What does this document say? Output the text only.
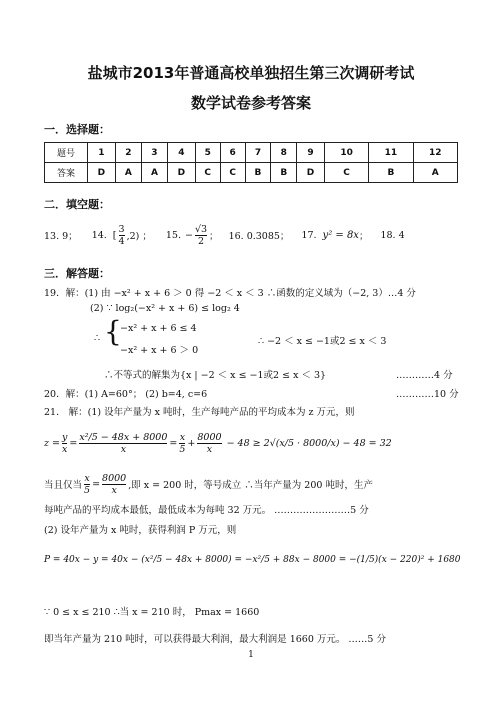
盐城市2013年普通高校单独招生第三次调研考试
数学试卷参考答案
一．选择题：
题号	1	2	3	4	5	6	7	8	9	10	11	12
答案	D	A	A	D	C	C	B	B	D	C	B	A
二．填空题：
13. 9； 14. [ $\frac{3}{4} ,2$) ； 15. − $\frac{√3}{2}$ ； 16. 0.3085； 17. y² = 8x ； 18. 4
三．解答题：
19．解：(1) 由 −x² + x + 6 ＞ 0 得 −2 ＜ x ＜ 3 ∴函数的定义域为（−2, 3）…4 分
(2) ∵ log₂(−x² + x + 6) ≤ log₂ 4
∴ {
−x² + x + 6 ≤ 4
−x² + x + 6 ＞ 0
∴ −2 ＜ x ≤ −1或2 ≤ x ＜ 3
∴不等式的解集为{x | −2 ＜ x ≤ −1或2 ≤ x ＜ 3}	…………4 分
20．解：(1) A=60°； (2) b=4, c=6	…………10 分
21． 解：(1) 设年产量为 x 吨时，生产每吨产品的平均成本为 z 万元，则
$z = \frac{y}{x} = \frac{\text{x²/5 − 48x + 8000}}{x} = \frac{x}{5} + \frac{8000}{x} - 48 \ge 2√(x/5 \cdot 8000/x) - 48 = 32$
当且仅当 $\frac{x}{5} = \frac{8000}{x}$ ,即 x = 200 时，等号成立 ∴当年产量为 200 吨时，生产
每吨产品的平均成本最低，最低成本为每吨 32 万元。 ……………………5 分
(2) 设年产量为 x 吨时，获得利润 P 万元，则
P = 40x − y = 40x − (x²/5 − 48x + 8000) = −x²/5 + 88x − 8000 = −(1/5)(x − 220)² + 1680
∵ 0 ≤ x ≤ 210 ∴当 x = 210 时， Pmax = 1660
即当年产量为 210 吨时，可以获得最大利润，最大利润是 1660 万元。 ……5 分
1
